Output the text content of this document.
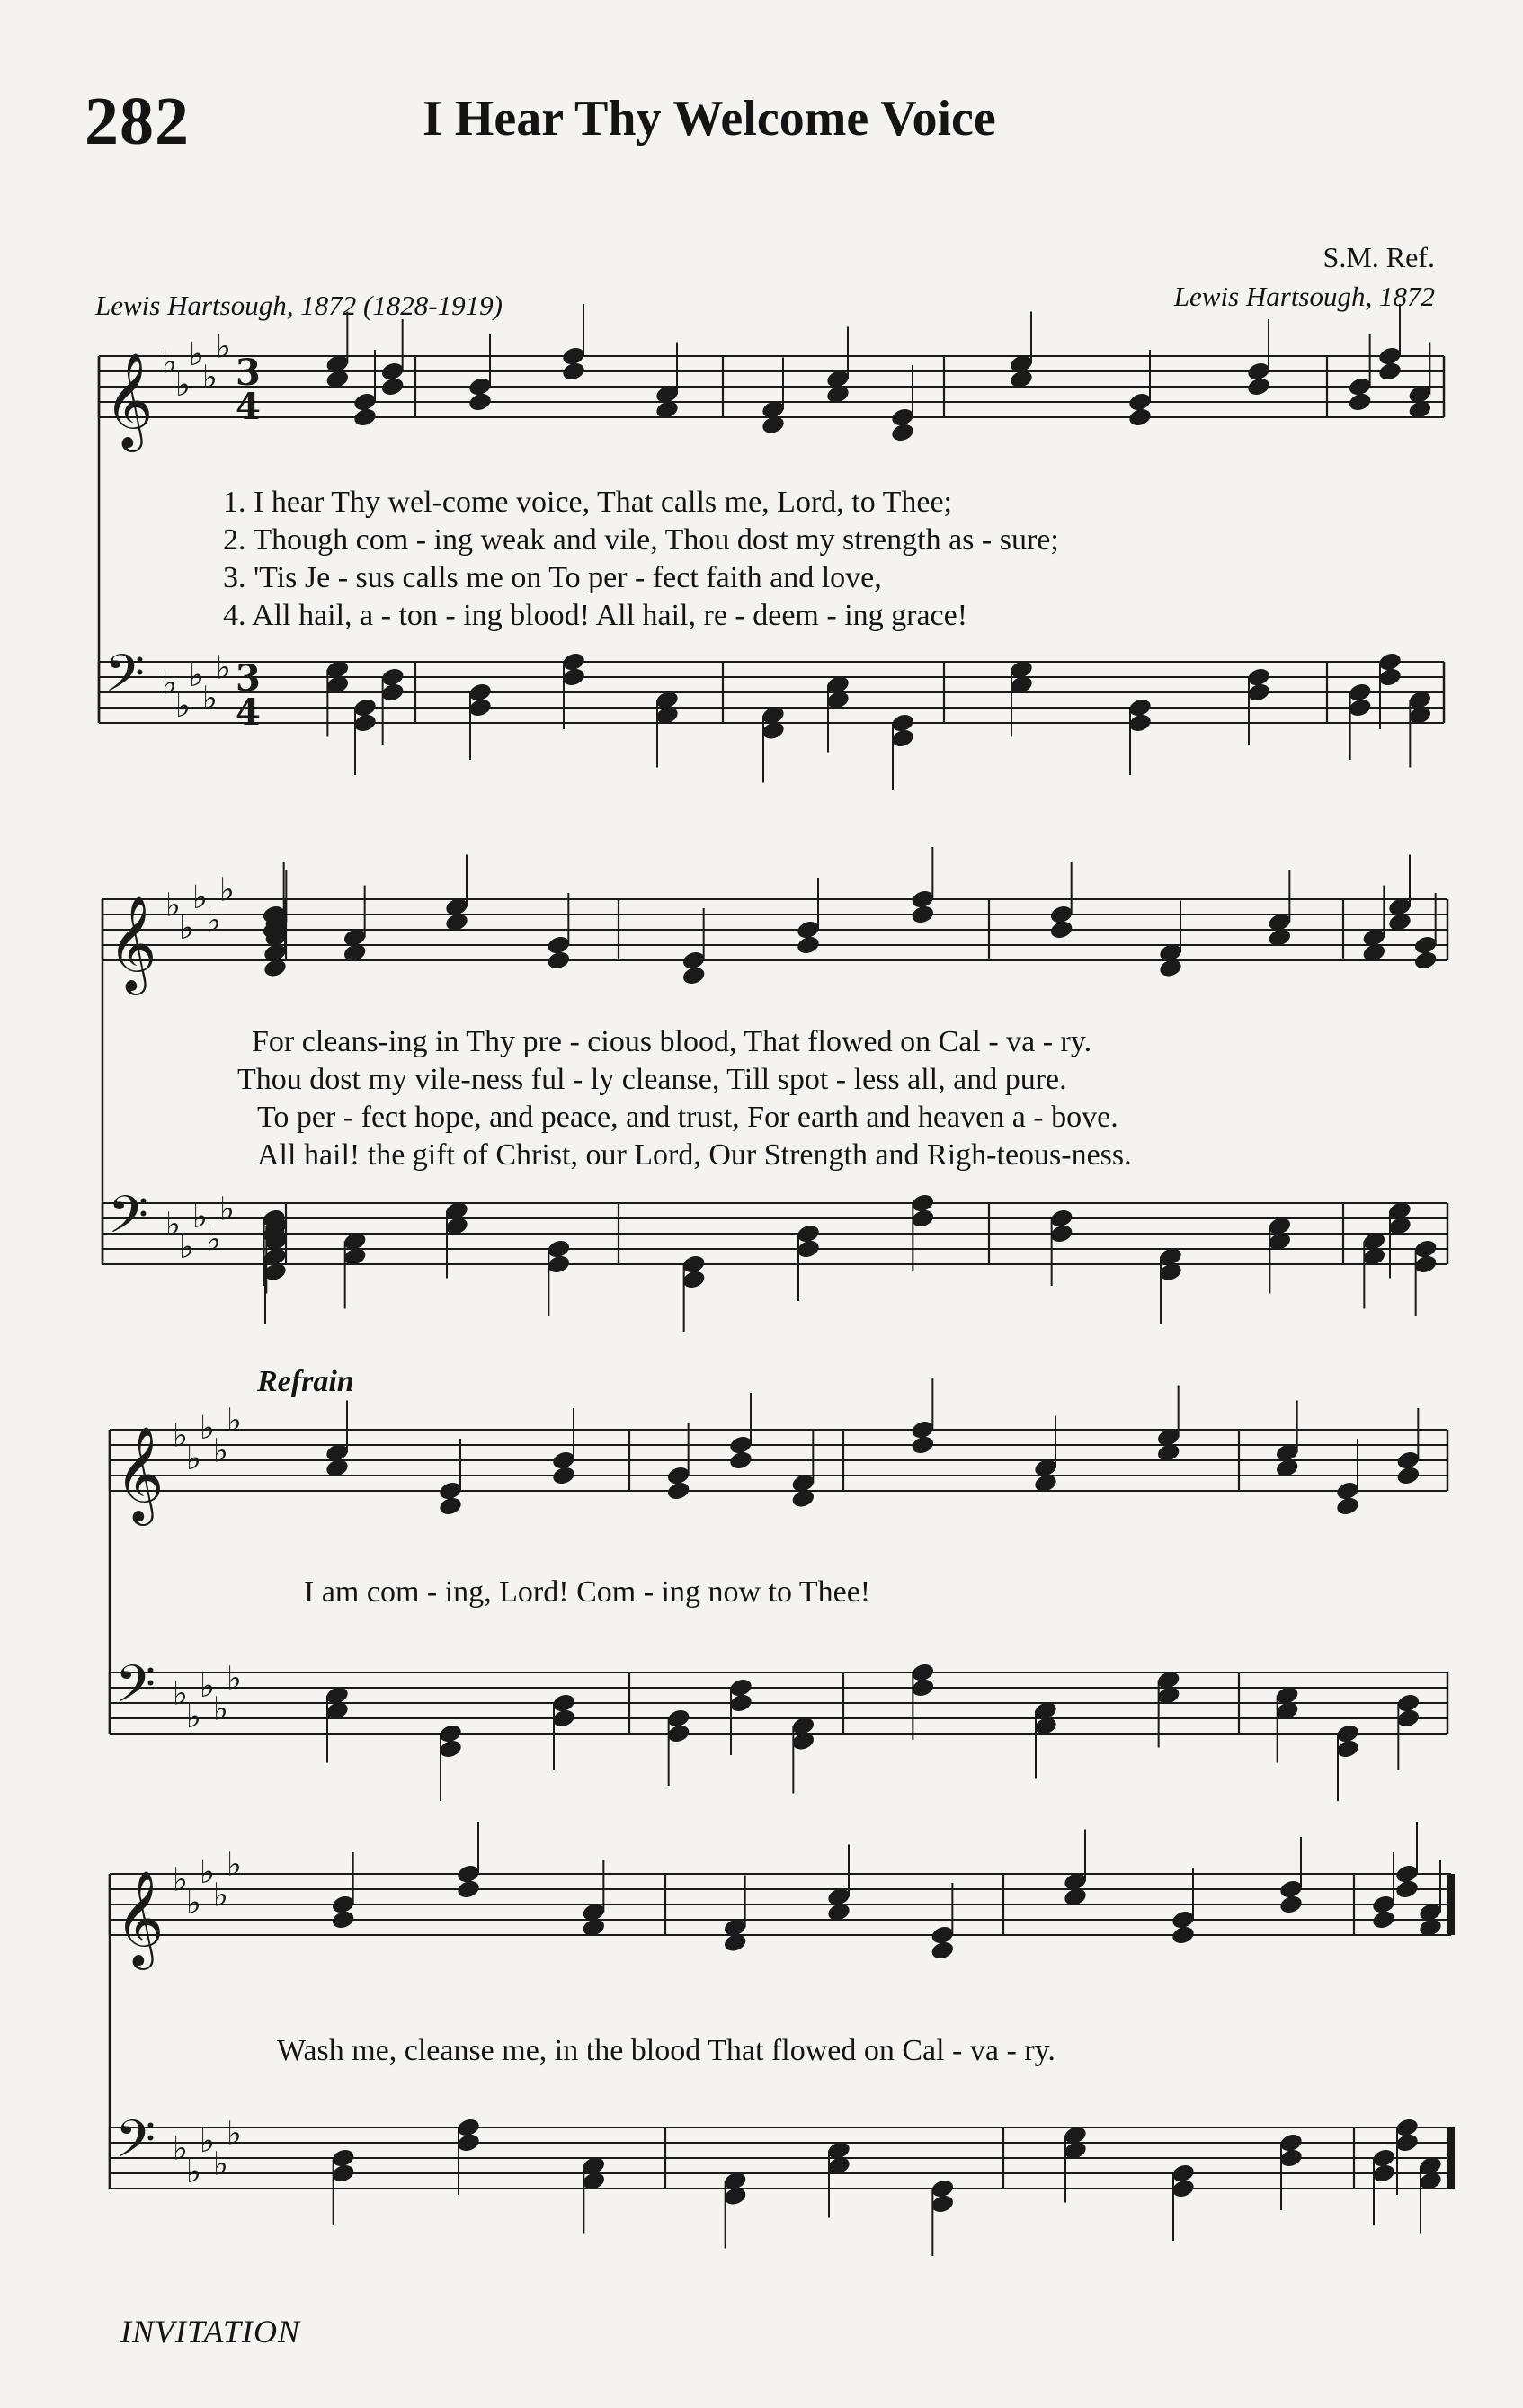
282	I Hear Thy Welcome Voice
S.M. Ref.
Lewis Hartsough, 1872 (1828-1919)	Lewis Hartsough, 1872
𝄞 ♭
♭
♭
♭
♭
3
4
𝄢 ♭
♭
♭
♭
♭ 3
4
𝄞 ♭
♭
♭
♭
♭
𝄢 ♭
♭
♭
♭
♭
𝄞 ♭
♭
♭
♭
♭
𝄢 ♭
♭
♭
♭
♭
𝄞 ♭
♭
♭
♭
♭
𝄢 ♭
♭
♭
♭
♭
1. I hear Thy wel-come voice, That calls me, Lord, to Thee;
2. Though com - ing weak and vile, Thou dost my strength as - sure;
3. 'Tis Je - sus calls me on To per - fect faith and love,
4. All hail, a - ton - ing blood! All hail, re - deem - ing grace!
For cleans-ing in Thy pre - cious blood, That flowed on Cal - va - ry.
Thou dost my vile-ness ful - ly cleanse, Till spot - less all, and pure.
To per - fect hope, and peace, and trust, For earth and heaven a - bove.
All hail! the gift of Christ, our Lord, Our Strength and Righ-teous-ness.
Refrain
I am com - ing, Lord! Com - ing now to Thee!
Wash me, cleanse me, in the blood That flowed on Cal - va - ry.
INVITATION
